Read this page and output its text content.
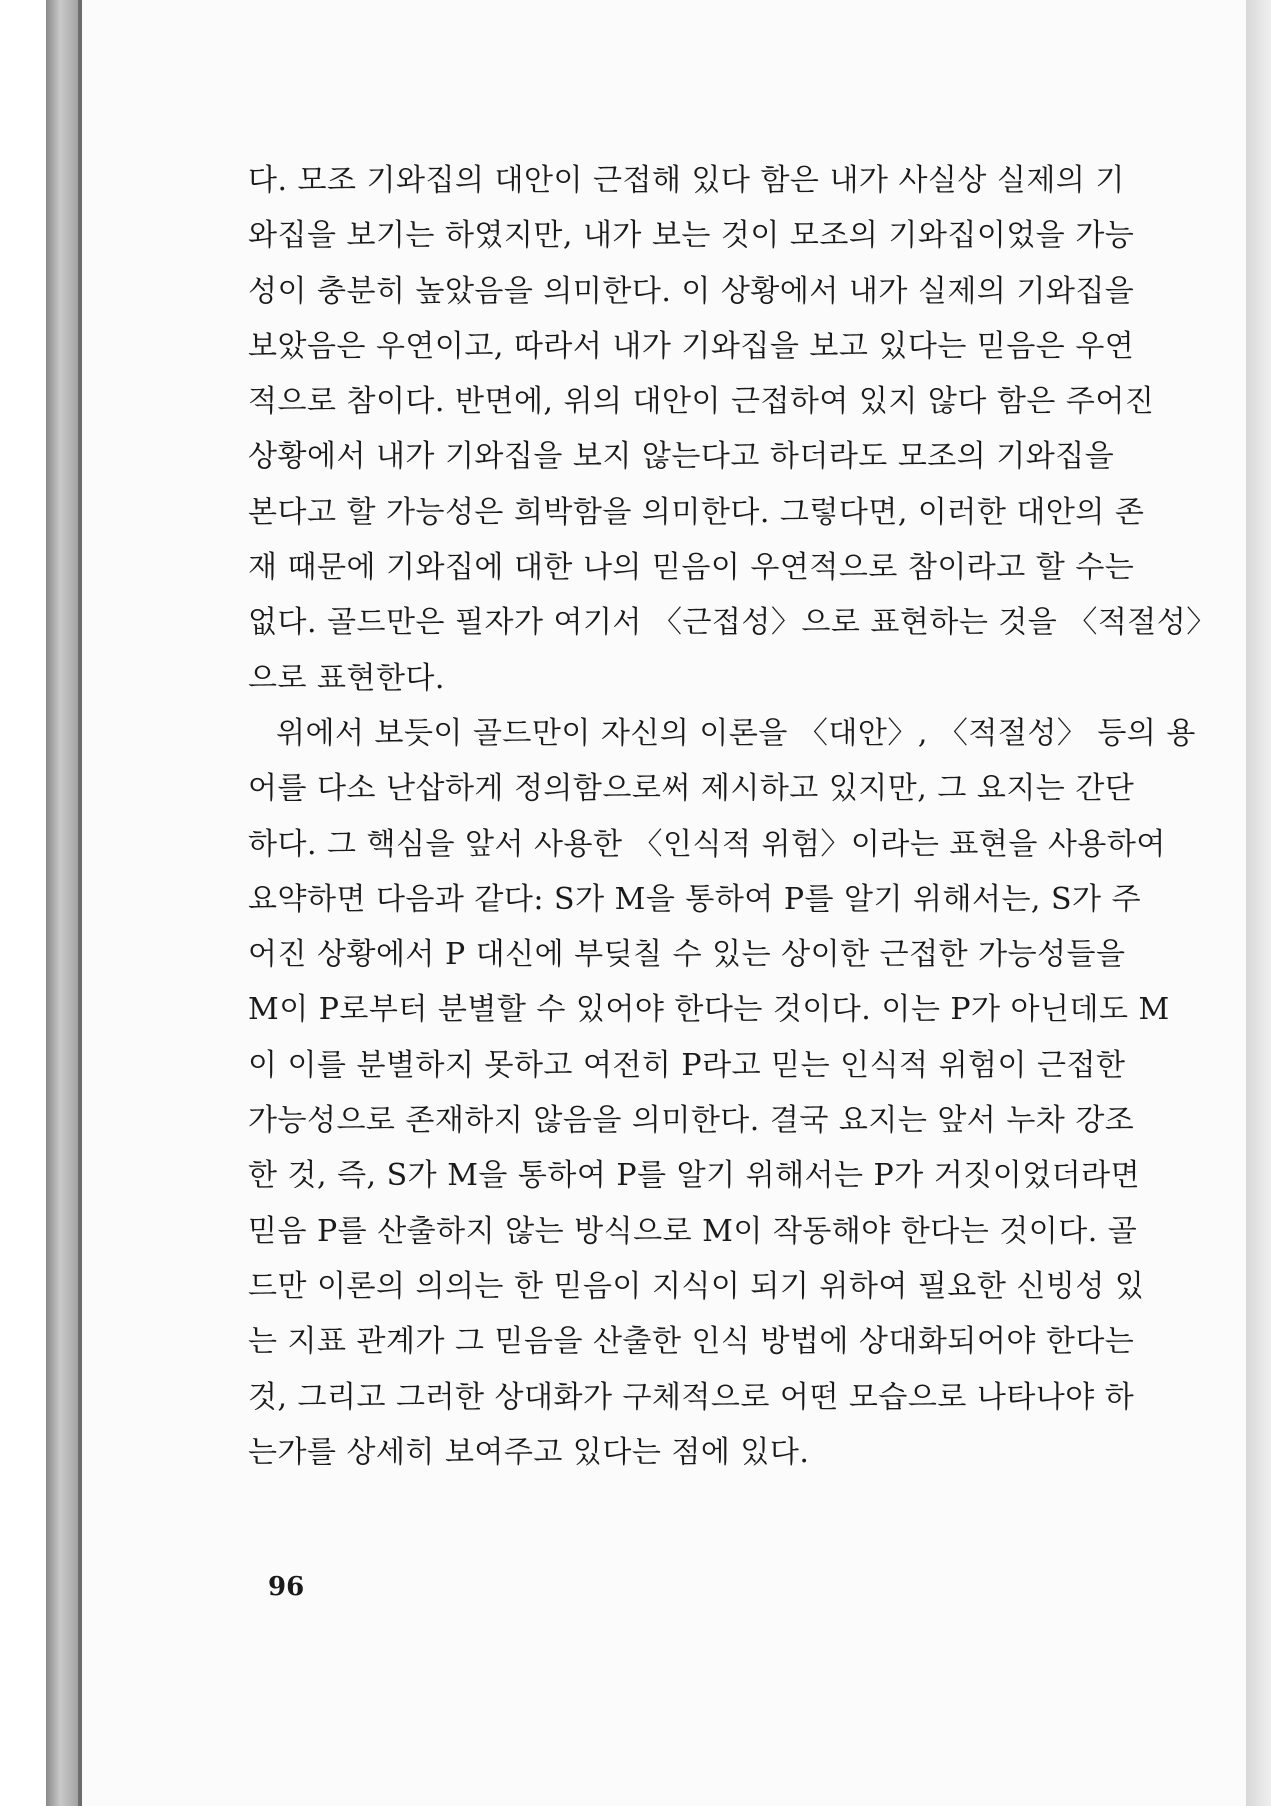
다. 모조 기와집의 대안이 근접해 있다 함은 내가 사실상 실제의 기
와집을 보기는 하였지만, 내가 보는 것이 모조의 기와집이었을 가능
성이 충분히 높았음을 의미한다. 이 상황에서 내가 실제의 기와집을
보았음은 우연이고, 따라서 내가 기와집을 보고 있다는 믿음은 우연
적으로 참이다. 반면에, 위의 대안이 근접하여 있지 않다 함은 주어진
상황에서 내가 기와집을 보지 않는다고 하더라도 모조의 기와집을
본다고 할 가능성은 희박함을 의미한다. 그렇다면, 이러한 대안의 존
재 때문에 기와집에 대한 나의 믿음이 우연적으로 참이라고 할 수는
없다. 골드만은 필자가 여기서 〈근접성〉으로 표현하는 것을 〈적절성〉
으로 표현한다.
위에서 보듯이 골드만이 자신의 이론을 〈대안〉, 〈적절성〉 등의 용
어를 다소 난삽하게 정의함으로써 제시하고 있지만, 그 요지는 간단
하다. 그 핵심을 앞서 사용한 〈인식적 위험〉이라는 표현을 사용하여
요약하면 다음과 같다: S가 M을 통하여 P를 알기 위해서는, S가 주
어진 상황에서 P 대신에 부딪칠 수 있는 상이한 근접한 가능성들을
M이 P로부터 분별할 수 있어야 한다는 것이다. 이는 P가 아닌데도 M
이 이를 분별하지 못하고 여전히 P라고 믿는 인식적 위험이 근접한
가능성으로 존재하지 않음을 의미한다. 결국 요지는 앞서 누차 강조
한 것, 즉, S가 M을 통하여 P를 알기 위해서는 P가 거짓이었더라면
믿음 P를 산출하지 않는 방식으로 M이 작동해야 한다는 것이다. 골
드만 이론의 의의는 한 믿음이 지식이 되기 위하여 필요한 신빙성 있
는 지표 관계가 그 믿음을 산출한 인식 방법에 상대화되어야 한다는
것, 그리고 그러한 상대화가 구체적으로 어떤 모습으로 나타나야 하
는가를 상세히 보여주고 있다는 점에 있다.
96
